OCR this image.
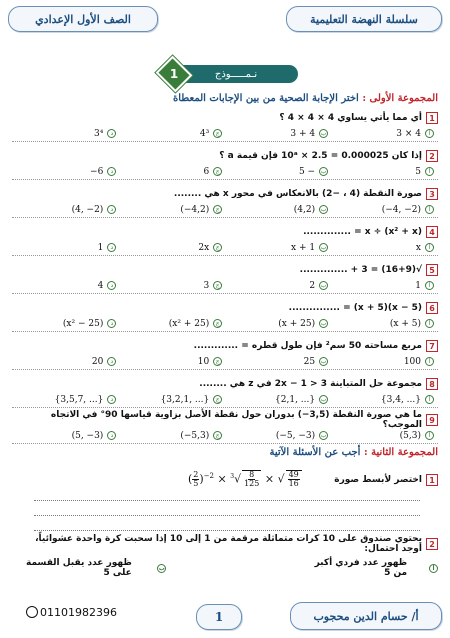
الصف الأول الإعدادي	سلسلة النهضة التعليمية
نـمـــــوذج
1
المجموعة الأولى : اختر الإجابة الصحية من بين الإجابات المعطاة
1
أي مما يأتي يساوي 4 × 4 × 4 ؟
أ
3 × 4
ب
3 + 4
ج
4³
د
3⁴
2
إذا كان 0.000025 = 2.5 × 10ᵃ فإن قيمة a ؟
أ
5
ب
5 −
ج
6
د
−6
3
صورة النقطة (4 ، −2) بالانعكاس في محور x هي ........
أ
(−4, −2)
ب
(4,2)
ج
(−4,2)
د
(4, −2)
4
(x² + x) ÷ x = ..............
أ
x
ب
x + 1
ج
2x
د
1
5
√(16+9) = 3 + ..............
أ
1
ب
2
ج
3
د
4
6
(x − 5)(x + 5) = ...............
أ
(x + 5)
ب
(x + 25)
ج
(x² + 25)
د
(x² − 25)
7
مربع مساحته 50 سم² فإن طول قطره = .............
أ
100
ب
25
ج
10
د
20
8
مجموعة حل المتباينة 2x − 1 > 3 في z هي ........
أ
{3,4, ...}
ب
{2,1, ...}
ج
{3,2,1, ...}
د
{3,5,7, ...}
9
ما هي صورة النقطة (3,5−) بدوران حول نقطة الأصل بزاوية قياسها 90° في الاتجاه الموجب؟
أ
(5,3)
ب
(−5, −3)
ج
(−5,3)
د
(5, −3)
المجموعة الثانية : أجب عن الأسئلة الآتية
1
اختصر لأبسط صورة
( $\frac{2}{5} )^{-2} \times ^3√ \frac{8}{125}$ × √ $\frac{49}{16}$
2
يحتوي صندوق على 10 كرات متماثلة مرقمة من 1 إلى 10 إذا سحبت كرة واحدة عشوائياً، أوجد احتمال:
أ
ظهور عدد فردي أكبر من 5
ب
ظهور عدد يقبل القسمة على 5
01101982396	1	أ/ حسام الدين محجوب
